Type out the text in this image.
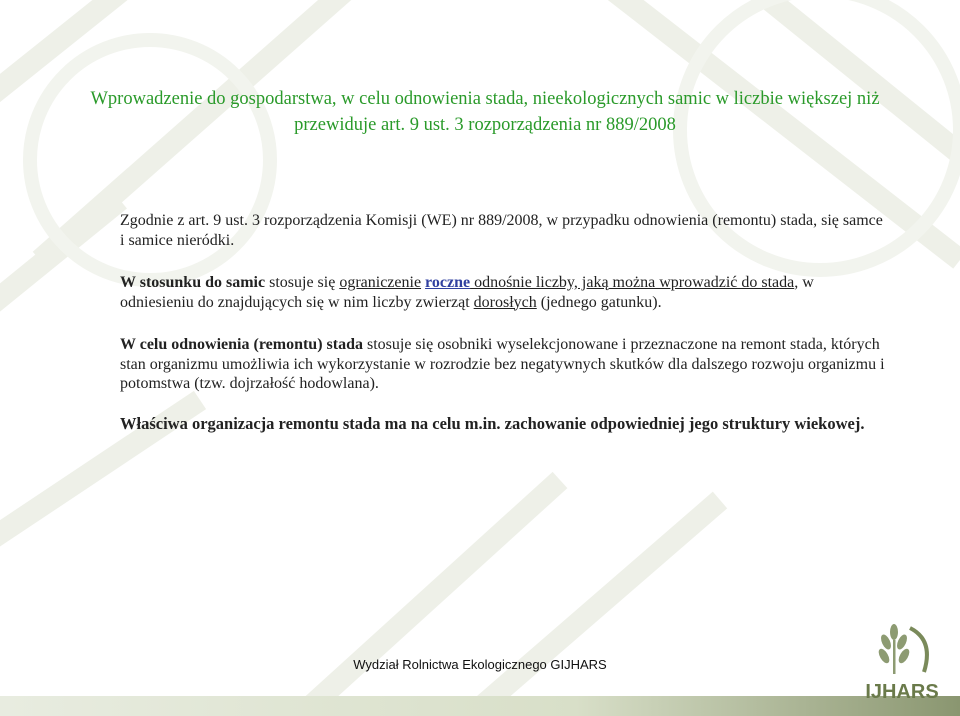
Wprowadzenie do gospodarstwa, w celu odnowienia stada, nieekologicznych samic w liczbie większej niż przewiduje art. 9 ust. 3 rozporządzenia nr 889/2008

Zgodnie z art. 9 ust. 3 rozporządzenia Komisji (WE) nr 889/2008, w przypadku odnowienia (remontu) stada, się samce i samice nieródki.

W stosunku do samic stosuje się ograniczenie roczne odnośnie liczby, jaką można wprowadzić do stada, w odniesieniu do znajdujących się w nim liczby zwierząt dorosłych (jednego gatunku).

W celu odnowienia (remontu) stada stosuje się osobniki wyselekcjonowane i przeznaczone na remont stada, których stan organizmu umożliwia ich wykorzystanie w rozrodzie bez negatywnych skutków dla dalszego rozwoju organizmu i potomstwa (tzw. dojrzałość hodowlana).

Właściwa organizacja remontu stada ma na celu m.in. zachowanie odpowiedniej jego struktury wiekowej.

Wydział Rolnictwa Ekologicznego GIJHARS
IJHARS
